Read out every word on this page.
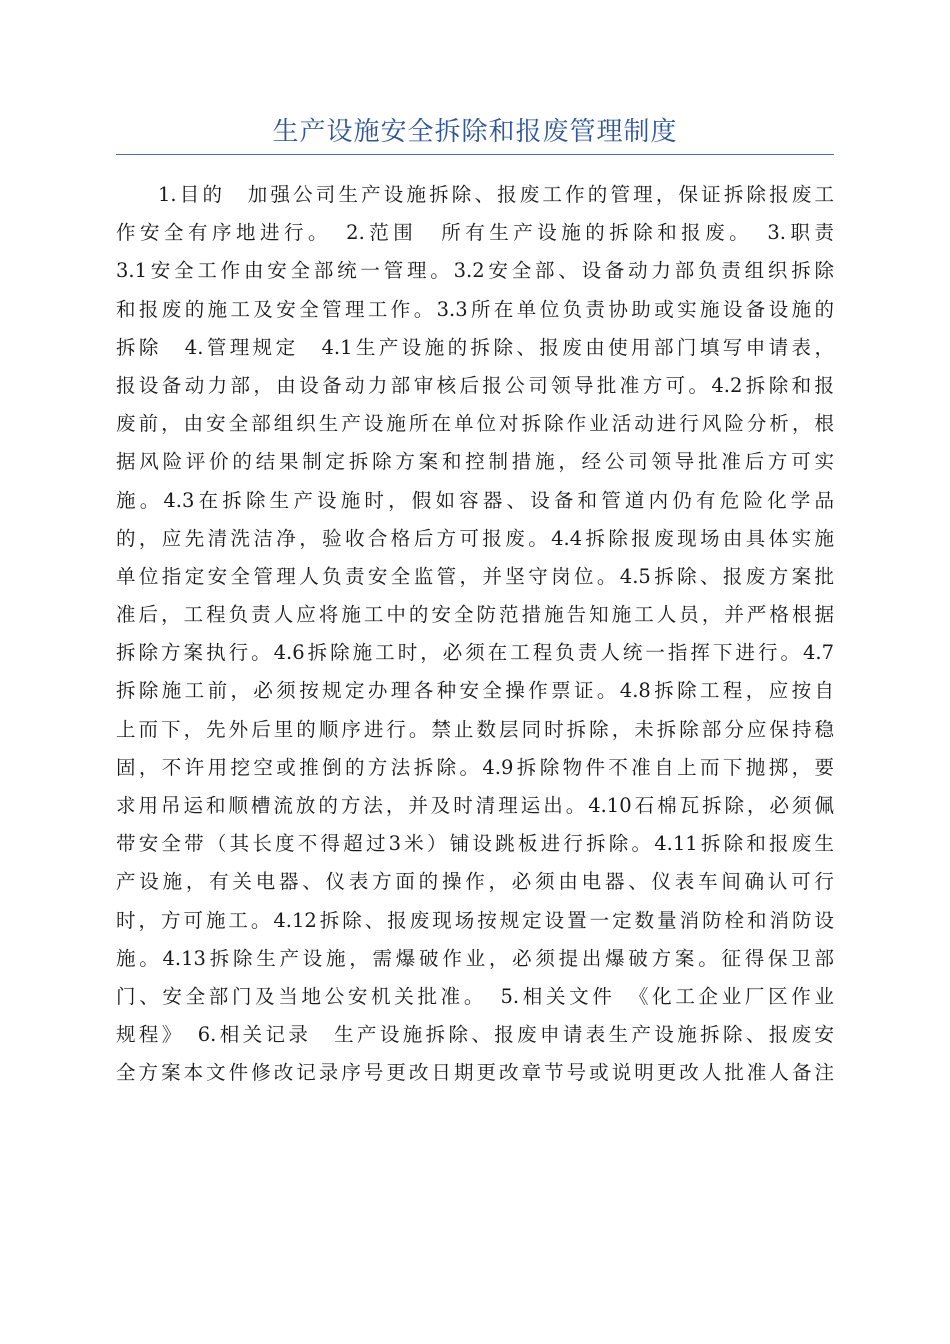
生产设施安全拆除和报废管理制度
1.目的　加强公司生产设施拆除、报废工作的管理，保证拆除报废工
作安全有序地进行。　2.范围　所有生产设施的拆除和报废。　3.职责
3.1安全工作由安全部统一管理。3.2安全部、设备动力部负责组织拆除
和报废的施工及安全管理工作。3.3所在单位负责协助或实施设备设施的
拆除　4.管理规定　4.1生产设施的拆除、报废由使用部门填写申请表，
报设备动力部，由设备动力部审核后报公司领导批准方可。4.2拆除和报
废前，由安全部组织生产设施所在单位对拆除作业活动进行风险分析，根
据风险评价的结果制定拆除方案和控制措施，经公司领导批准后方可实
施。4.3在拆除生产设施时，假如容器、设备和管道内仍有危险化学品
的，应先清洗洁净，验收合格后方可报废。4.4拆除报废现场由具体实施
单位指定安全管理人负责安全监管，并坚守岗位。4.5拆除、报废方案批
准后，工程负责人应将施工中的安全防范措施告知施工人员，并严格根据
拆除方案执行。4.6拆除施工时，必须在工程负责人统一指挥下进行。4.7
拆除施工前，必须按规定办理各种安全操作票证。4.8拆除工程，应按自
上而下，先外后里的顺序进行。禁止数层同时拆除，未拆除部分应保持稳
固，不许用挖空或推倒的方法拆除。4.9拆除物件不准自上而下抛掷，要
求用吊运和顺槽流放的方法，并及时清理运出。4.10石棉瓦拆除，必须佩
带安全带（其长度不得超过3米）铺设跳板进行拆除。4.11拆除和报废生
产设施，有关电器、仪表方面的操作，必须由电器、仪表车间确认可行
时，方可施工。4.12拆除、报废现场按规定设置一定数量消防栓和消防设
施。4.13拆除生产设施，需爆破作业，必须提出爆破方案。征得保卫部
门、安全部门及当地公安机关批准。　5.相关文件　《化工企业厂区作业
规程》　6.相关记录　生产设施拆除、报废申请表生产设施拆除、报废安
全方案本文件修改记录序号更改日期更改章节号或说明更改人批准人备注
